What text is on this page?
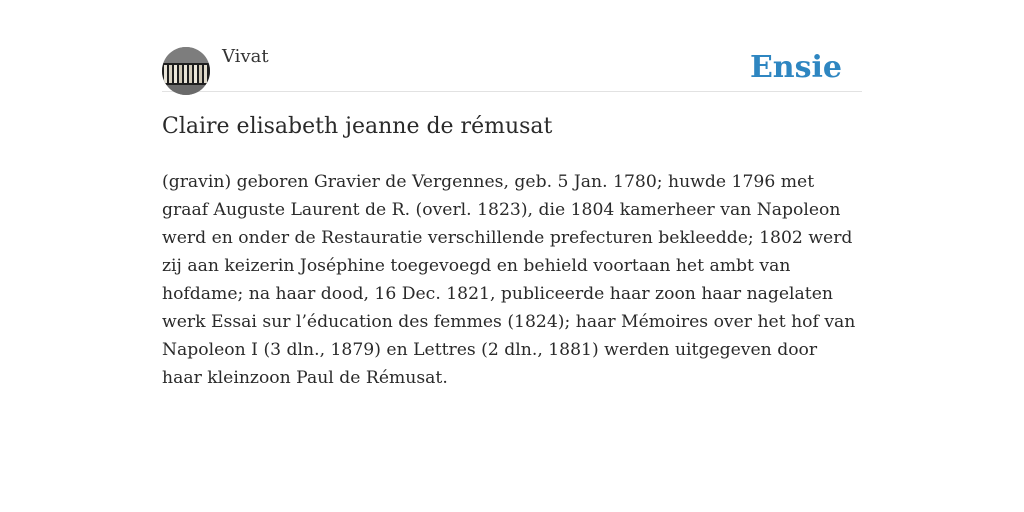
Vivat	Ensie
Claire elisabeth jeanne de rémusat

(gravin) geboren Gravier de Vergennes, geb. 5 Jan. 1780; huwde 1796 met graaf Auguste Laurent de R. (overl. 1823), die 1804 kamerheer van Napoleon werd en onder de Restauratie verschillende prefecturen bekleedde; 1802 werd zij aan keizerin Joséphine toegevoegd en behield voortaan het ambt van hofdame; na haar dood, 16 Dec. 1821, publiceerde haar zoon haar nagelaten werk Essai sur l’éducation des femmes (1824); haar Mémoires over het hof van Napoleon I (3 dln., 1879) en Lettres (2 dln., 1881) werden uitgegeven door haar kleinzoon Paul de Rémusat.
